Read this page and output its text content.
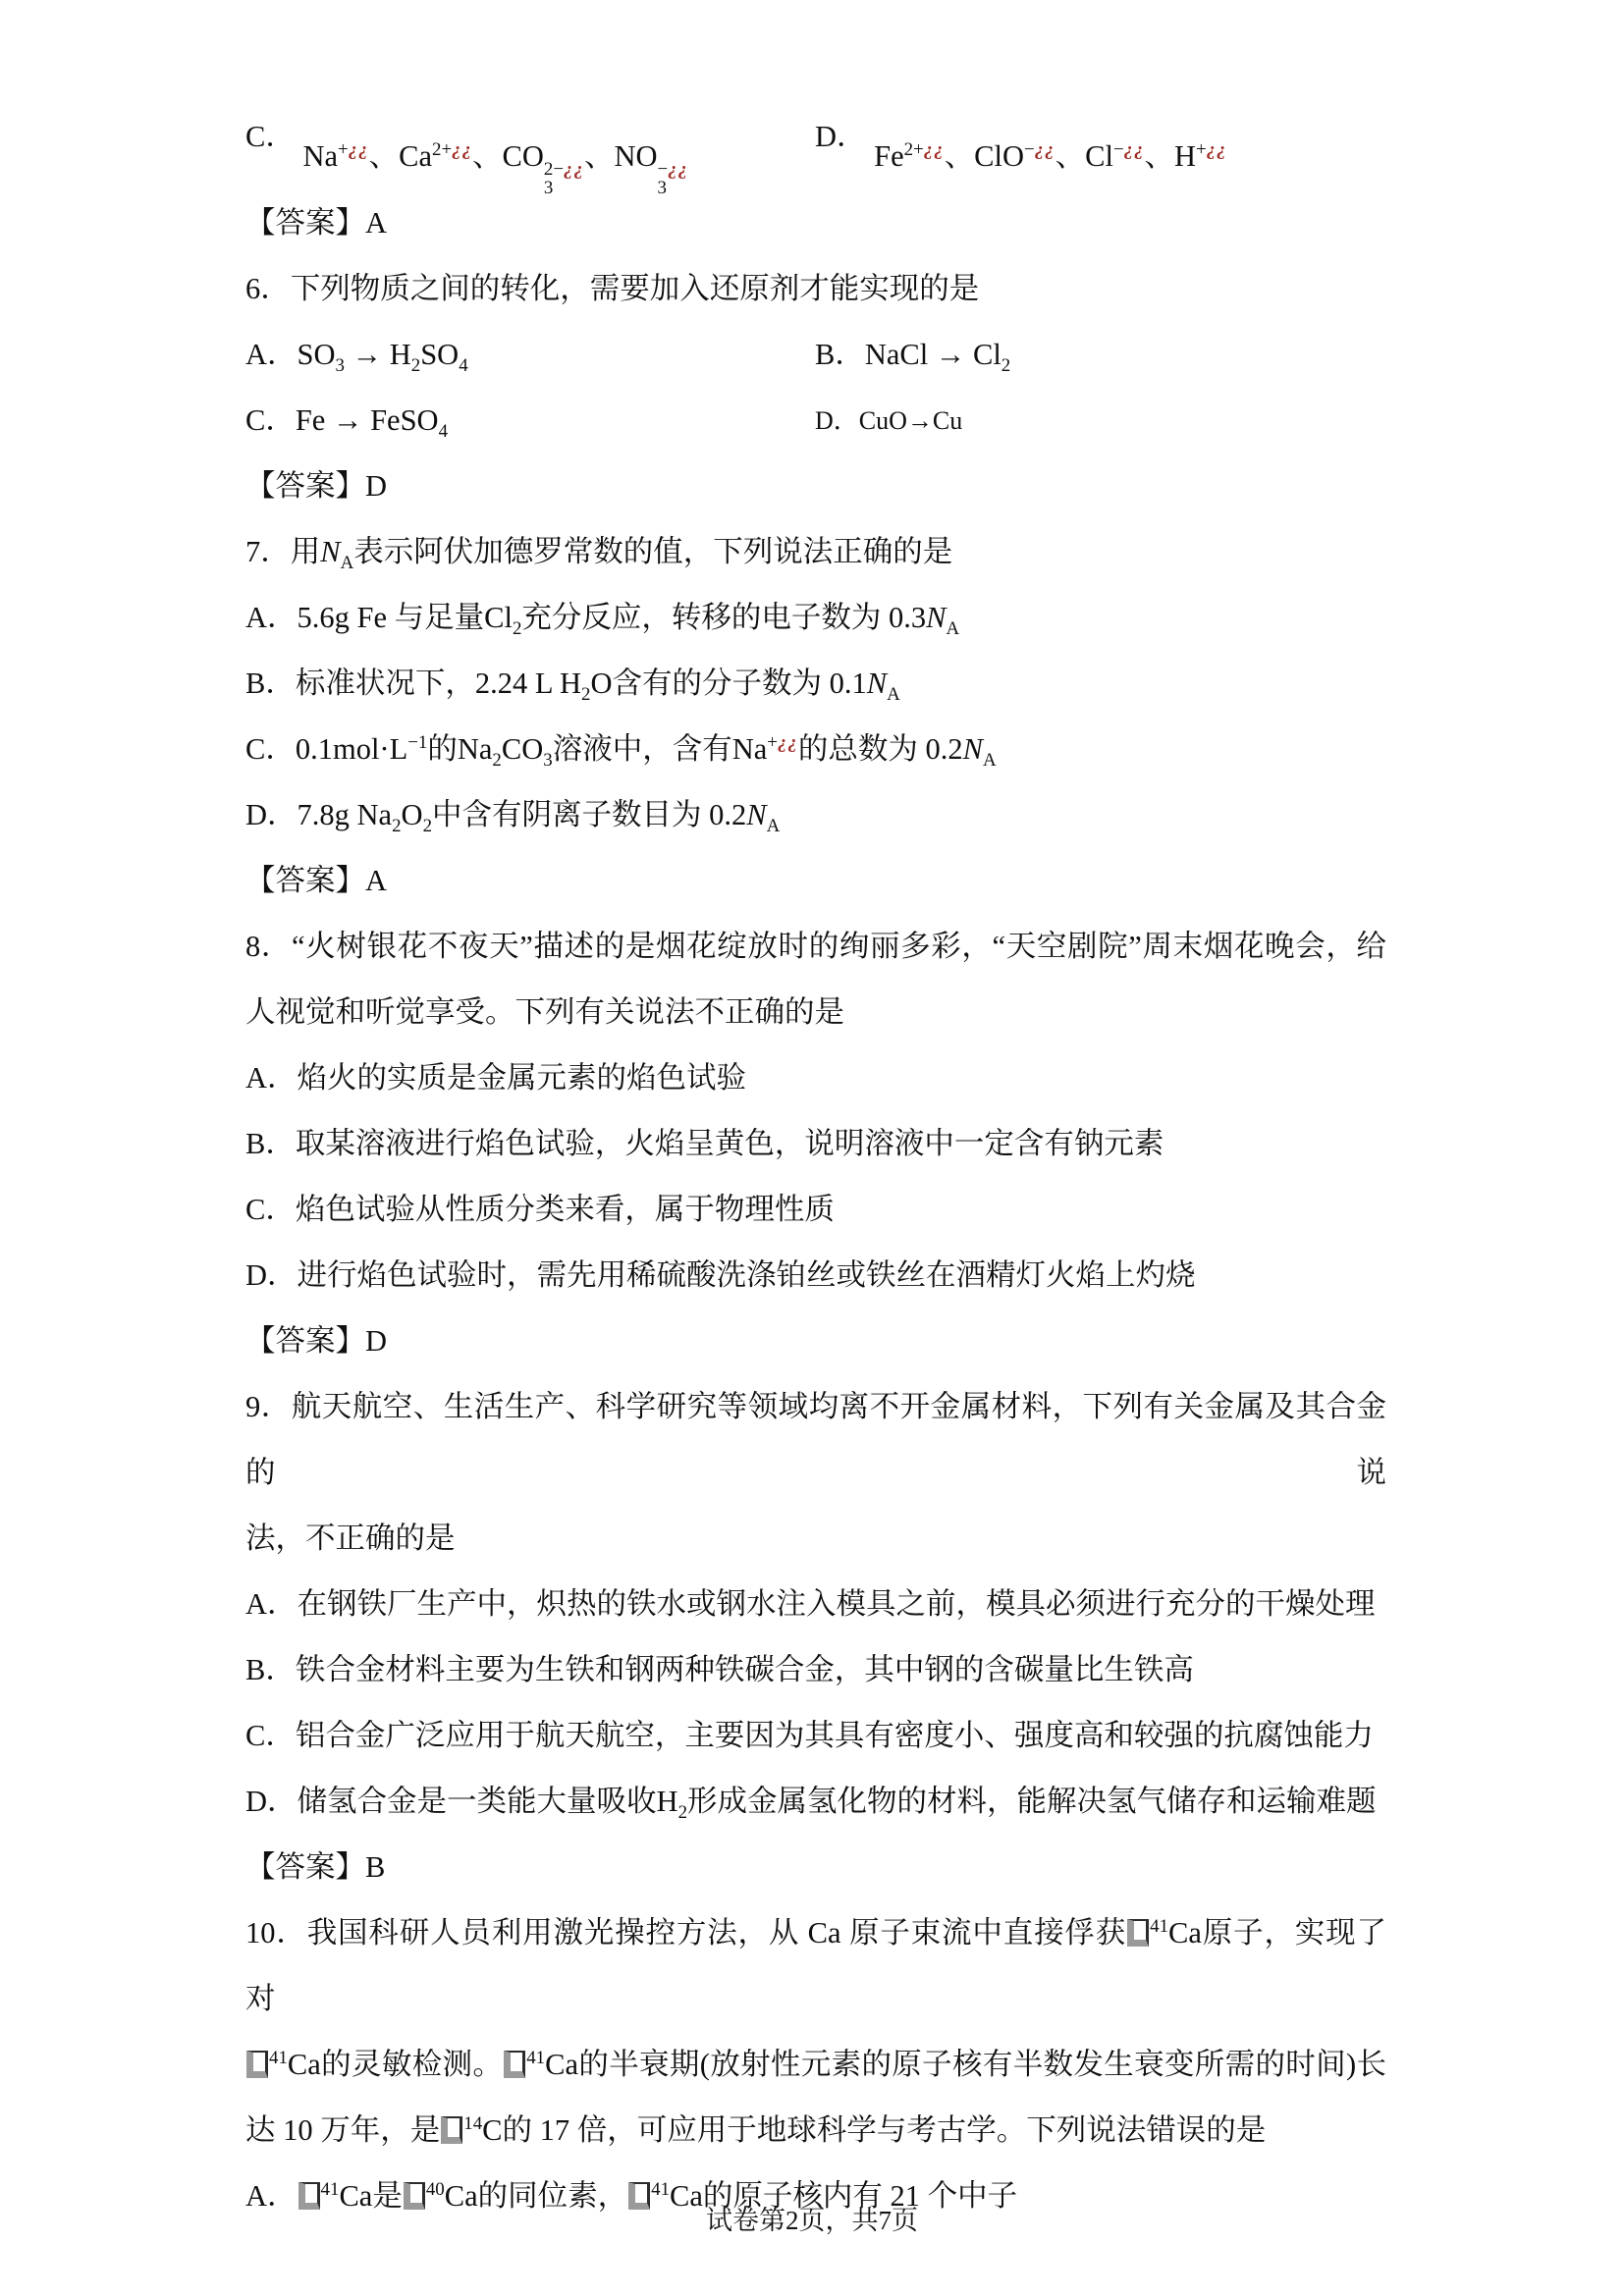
C． Na+¿¿、$Ca^{2+¿¿}$、CO 2−¿¿
3
、NO −¿¿
3
D． $Fe^{2+¿¿}$、ClO−¿¿、Cl−¿¿、H+¿¿
【答案】A
6．下列物质之间的转化，需要加入还原剂才能实现的是
A．$SO_3 \to H_2SO_4$	B．NaCl → $Cl_2$
C．Fe → FeSO$_4$	D．CuO→Cu
【答案】D
7．用$N_A$表示阿伏加德罗常数的值，下列说法正确的是
A．5.6g Fe 与足量$Cl_2$充分反应，转移的电子数为 $0.3N_A$
B．标准状况下，2.24 L $H_2O$含有的分子数为 $0.1N_A$
C．$0.1mol\cdot L^{-1}$的$Na_2CO_3$溶液中，含有Na+¿¿的总数为 $0.2N_A$
D．7.8g $Na_2O_2$中含有阴离子数目为 $0.2N_A$
【答案】A
8．“火树银花不夜天”描述的是烟花绽放时的绚丽多彩，“天空剧院”周末烟花晚会，给
人视觉和听觉享受。下列有关说法不正确的是
A．焰火的实质是金属元素的焰色试验
B．取某溶液进行焰色试验，火焰呈黄色，说明溶液中一定含有钠元素
C．焰色试验从性质分类来看，属于物理性质
D．进行焰色试验时，需先用稀硫酸洗涤铂丝或铁丝在酒精灯火焰上灼烧
【答案】D
9．航天航空、生活生产、科学研究等领域均离不开金属材料，下列有关金属及其合金的说
法，不正确的是
A．在钢铁厂生产中，炽热的铁水或钢水注入模具之前，模具必须进行充分的干燥处理
B．铁合金材料主要为生铁和钢两种铁碳合金，其中钢的含碳量比生铁高
C．铝合金广泛应用于航天航空，主要因为其具有密度小、强度高和较强的抗腐蚀能力
D．储氢合金是一类能大量吸收$H_2$形成金属氢化物的材料，能解决氢气储存和运输难题
【答案】B
10．我国科研人员利用激光操控方法，从 Ca 原子束流中直接俘获 $^{41}$Ca原子，实现了对
$^{41}$Ca的灵敏检测。 $^{41}$Ca的半衰期(放射性元素的原子核有半数发生衰变所需的时间)长
达 10 万年，是 $^{14}$C的 17 倍，可应用于地球科学与考古学。下列说法错误的是
A． $^{41}$Ca是 $^{40}$Ca的同位素， $^{41}$Ca的原子核内有 21 个中子
试卷第2页，共7页
